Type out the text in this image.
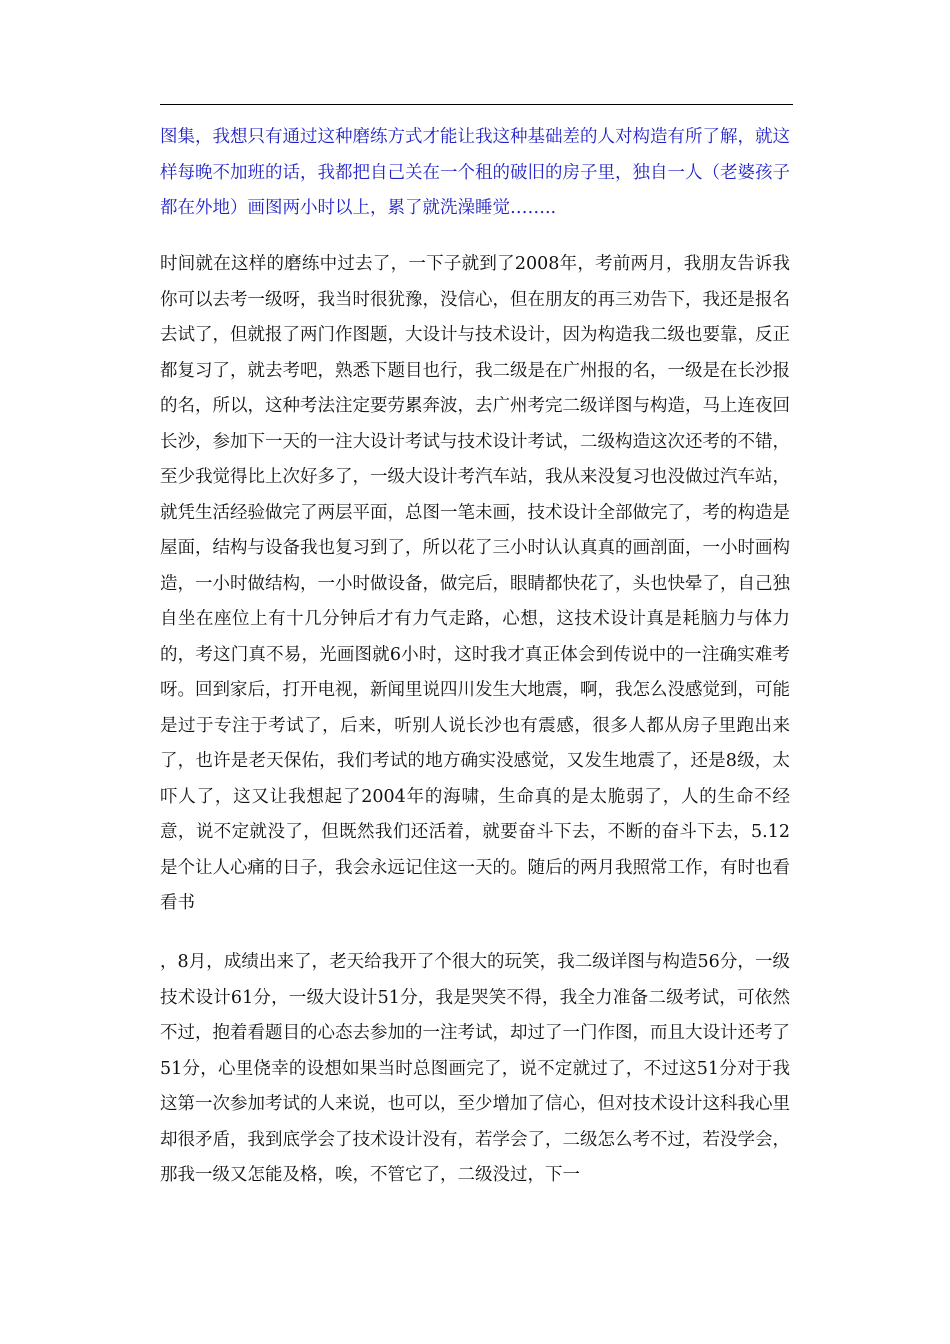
图集，我想只有通过这种磨练方式才能让我这种基础差的人对构造有所了解，就这样每晚不加班的话，我都把自己关在一个租的破旧的房子里，独自一人（老婆孩子都在外地）画图两小时以上，累了就洗澡睡觉……..

时间就在这样的磨练中过去了，一下子就到了2008年，考前两月，我朋友告诉我你可以去考一级呀，我当时很犹豫，没信心，但在朋友的再三劝告下，我还是报名去试了，但就报了两门作图题，大设计与技术设计，因为构造我二级也要靠，反正都复习了，就去考吧，熟悉下题目也行，我二级是在广州报的名，一级是在长沙报的名，所以，这种考法注定要劳累奔波，去广州考完二级详图与构造，马上连夜回长沙，参加下一天的一注大设计考试与技术设计考试，二级构造这次还考的不错，至少我觉得比上次好多了，一级大设计考汽车站，我从来没复习也没做过汽车站，就凭生活经验做完了两层平面，总图一笔未画，技术设计全部做完了，考的构造是屋面，结构与设备我也复习到了，所以花了三小时认认真真的画剖面，一小时画构造，一小时做结构，一小时做设备，做完后，眼睛都快花了，头也快晕了，自己独自坐在座位上有十几分钟后才有力气走路，心想，这技术设计真是耗脑力与体力的，考这门真不易，光画图就6小时，这时我才真正体会到传说中的一注确实难考呀。回到家后，打开电视，新闻里说四川发生大地震，啊，我怎么没感觉到，可能是过于专注于考试了，后来，听别人说长沙也有震感，很多人都从房子里跑出来了，也许是老天保佑，我们考试的地方确实没感觉，又发生地震了，还是8级，太吓人了，这又让我想起了2004年的海啸，生命真的是太脆弱了，人的生命不经意，说不定就没了，但既然我们还活着，就要奋斗下去，不断的奋斗下去，5.12是个让人心痛的日子，我会永远记住这一天的。随后的两月我照常工作，有时也看看书

，8月，成绩出来了，老天给我开了个很大的玩笑，我二级详图与构造56分，一级技术设计61分，一级大设计51分，我是哭笑不得，我全力准备二级考试，可依然不过，抱着看题目的心态去参加的一注考试，却过了一门作图，而且大设计还考了51分，心里侥幸的设想如果当时总图画完了，说不定就过了，不过这51分对于我这第一次参加考试的人来说，也可以，至少增加了信心，但对技术设计这科我心里却很矛盾，我到底学会了技术设计没有，若学会了，二级怎么考不过，若没学会，那我一级又怎能及格，唉，不管它了，二级没过，下一
